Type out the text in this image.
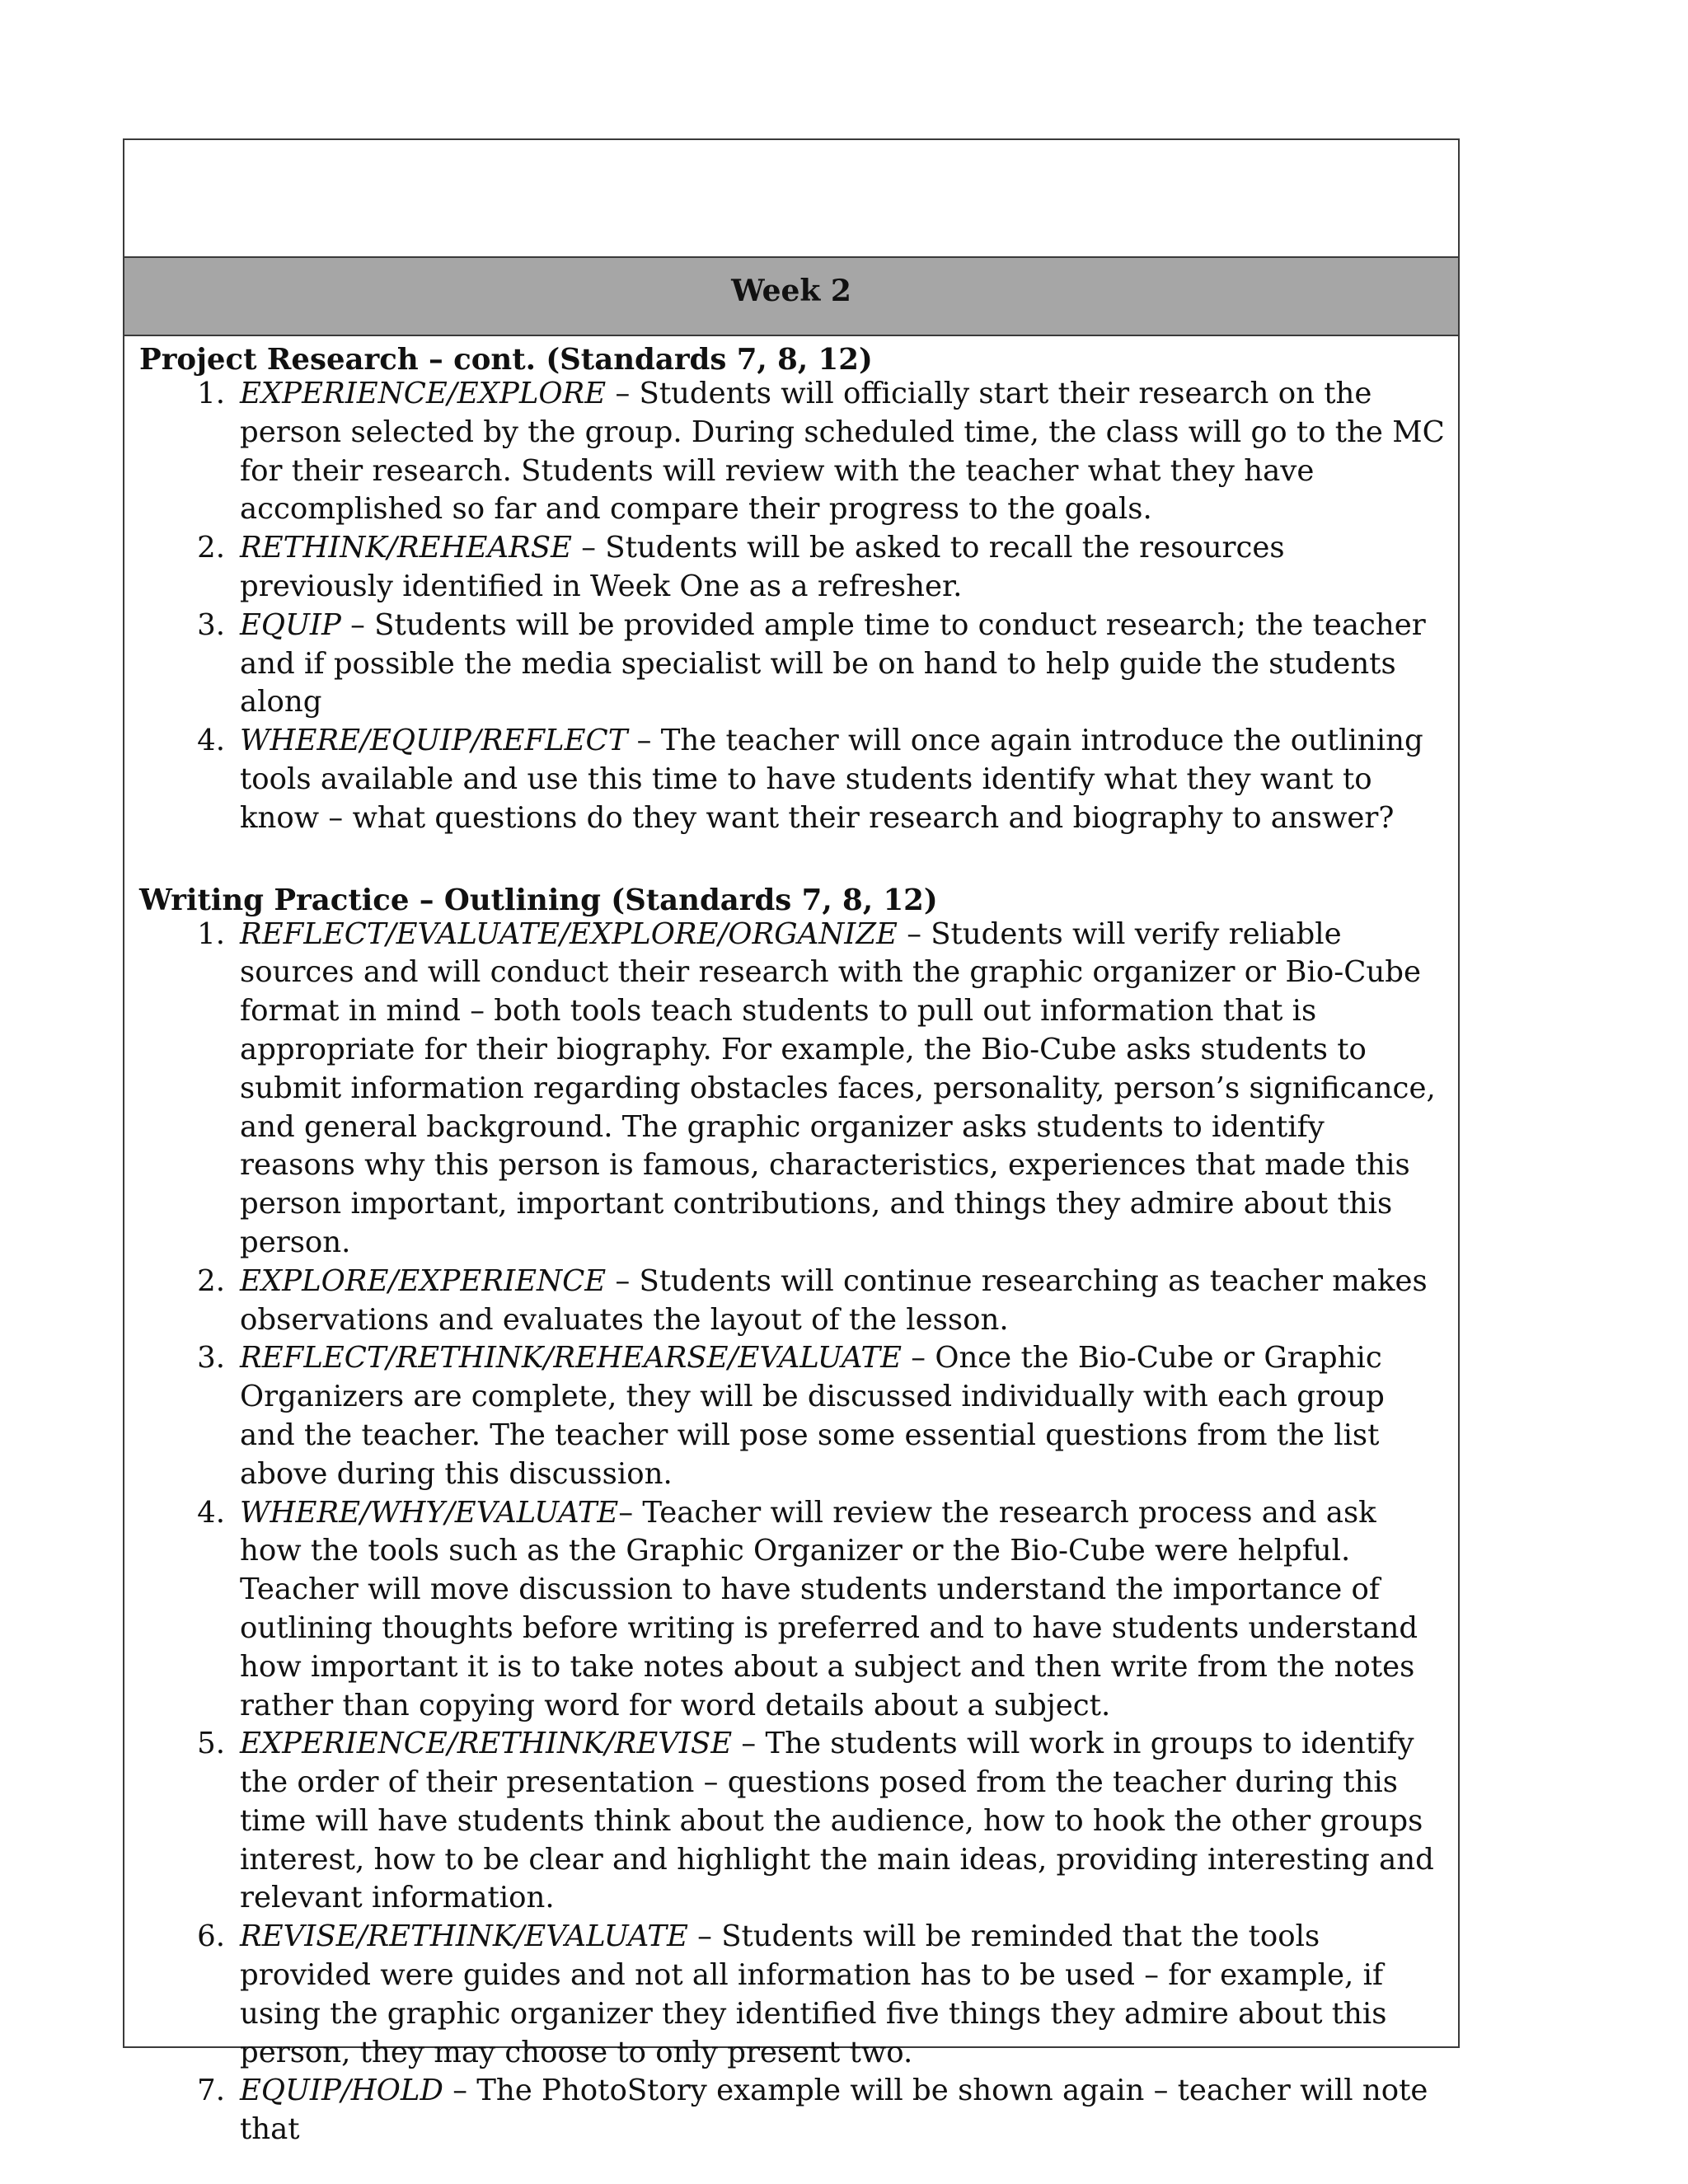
Week 2

Project Research – cont. (Standards 7, 8, 12)

1. EXPERIENCE/EXPLORE – Students will officially start their research on the person selected by the group. During scheduled time, the class will go to the MC for their research. Students will review with the teacher what they have accomplished so far and compare their progress to the goals.
2. RETHINK/REHEARSE – Students will be asked to recall the resources previously identified in Week One as a refresher.
3. EQUIP – Students will be provided ample time to conduct research; the teacher and if possible the media specialist will be on hand to help guide the students along
4. WHERE/EQUIP/REFLECT – The teacher will once again introduce the outlining tools available and use this time to have students identify what they want to know – what questions do they want their research and biography to answer?

Writing Practice – Outlining (Standards 7, 8, 12)

1. REFLECT/EVALUATE/EXPLORE/ORGANIZE – Students will verify reliable sources and will conduct their research with the graphic organizer or Bio-Cube format in mind – both tools teach students to pull out information that is appropriate for their biography. For example, the Bio-Cube asks students to submit information regarding obstacles faces, personality, person’s significance, and general background. The graphic organizer asks students to identify reasons why this person is famous, characteristics, experiences that made this person important, important contributions, and things they admire about this person.
2. EXPLORE/EXPERIENCE – Students will continue researching as teacher makes observations and evaluates the layout of the lesson.
3. REFLECT/RETHINK/REHEARSE/EVALUATE – Once the Bio-Cube or Graphic Organizers are complete, they will be discussed individually with each group and the teacher. The teacher will pose some essential questions from the list above during this discussion.
4. WHERE/WHY/EVALUATE– Teacher will review the research process and ask how the tools such as the Graphic Organizer or the Bio-Cube were helpful. Teacher will move discussion to have students understand the importance of outlining thoughts before writing is preferred and to have students understand how important it is to take notes about a subject and then write from the notes rather than copying word for word details about a subject.
5. EXPERIENCE/RETHINK/REVISE – The students will work in groups to identify the order of their presentation – questions posed from the teacher during this time will have students think about the audience, how to hook the other groups interest, how to be clear and highlight the main ideas, providing interesting and relevant information.
6. REVISE/RETHINK/EVALUATE – Students will be reminded that the tools provided were guides and not all information has to be used – for example, if using the graphic organizer they identified five things they admire about this person, they may choose to only present two.
7. EQUIP/HOLD – The PhotoStory example will be shown again – teacher will note that
